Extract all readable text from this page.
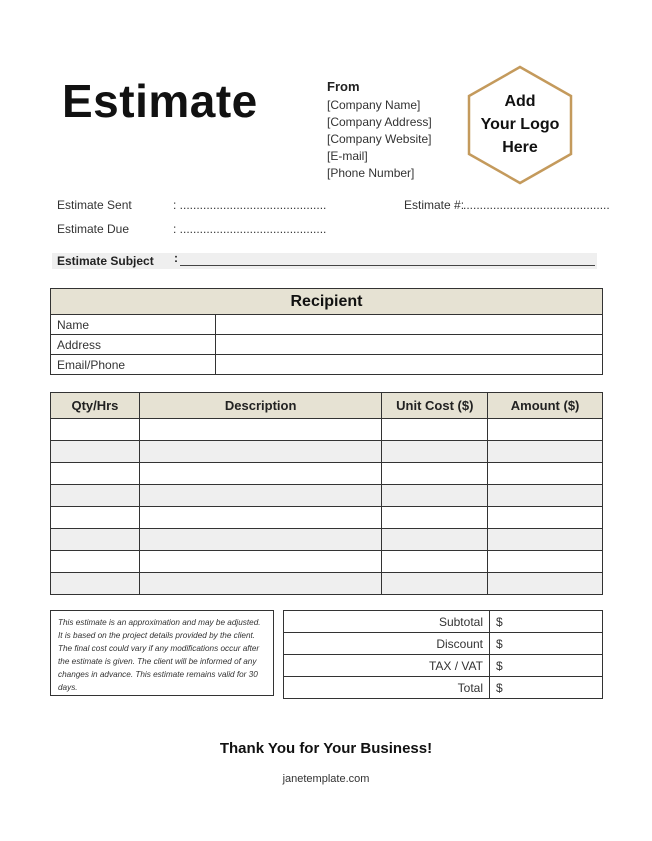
Estimate	From
[Company Name]
[Company Address]
[Company Website]
[E-mail]
[Phone Number]
Add
Your Logo
Here
Estimate Sent	: ............................................
Estimate Due	: ............................................
Estimate #:
............................................
Estimate Subject :
Recipient	
Name	
Address	
Email/Phone	
Qty/Hrs	Description	Unit Cost ($)	Amount ($)

This estimate is an approximation and may be adjusted. It is based on the project details provided by the client. The final cost could vary if any modifications occur after the estimate is given. The client will be informed of any changes in advance. This estimate remains valid for 30 days.
Subtotal	$
Discount	$
TAX / VAT	$
Total	$
Thank You for Your Business!
janetemplate.com
